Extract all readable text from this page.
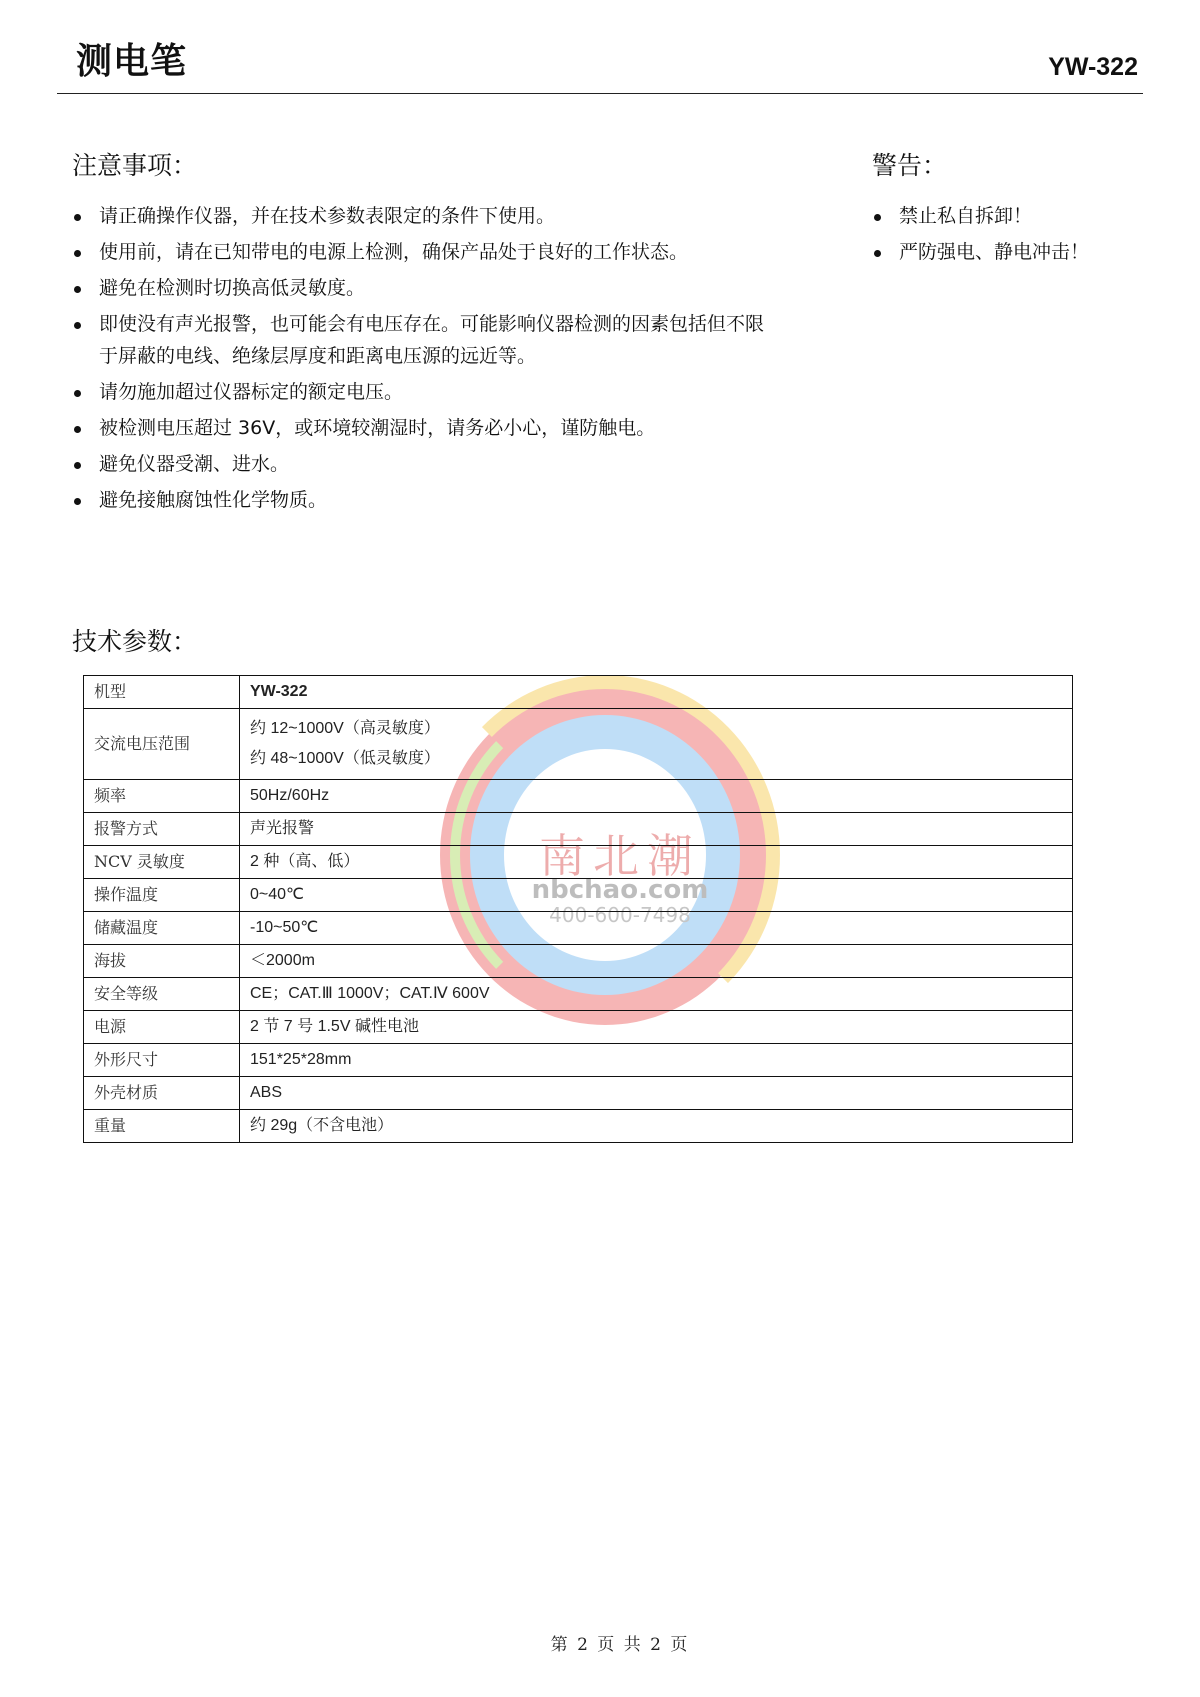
测电笔	YW-322
注意事项：
请正确操作仪器，并在技术参数表限定的条件下使用。
使用前，请在已知带电的电源上检测，确保产品处于良好的工作状态。
避免在检测时切换高低灵敏度。
即使没有声光报警，也可能会有电压存在。可能影响仪器检测的因素包括但不限于屏蔽的电线、绝缘层厚度和距离电压源的远近等。
请勿施加超过仪器标定的额定电压。
被检测电压超过 36V，或环境较潮湿时，请务必小心，谨防触电。
避免仪器受潮、进水。
避免接触腐蚀性化学物质。
警告：
禁止私自拆卸！
严防强电、静电冲击！
技术参数：
南北潮
nbchao.com
400-600-7498
机型	YW-322
交流电压范围	约 12~1000V（高灵敏度）
约 48~1000V（低灵敏度）

频率	50Hz/60Hz
报警方式	声光报警
NCV 灵敏度	2 种（高、低）
操作温度	0~40℃
储藏温度	-10~50℃
海拔	＜2000m
安全等级	CE；CAT.Ⅲ 1000V；CAT.Ⅳ 600V
电源	2 节 7 号 1.5V 碱性电池
外形尺寸	151*25*28mm
外壳材质	ABS
重量	约 29g（不含电池）
第 2 页 共 2 页
